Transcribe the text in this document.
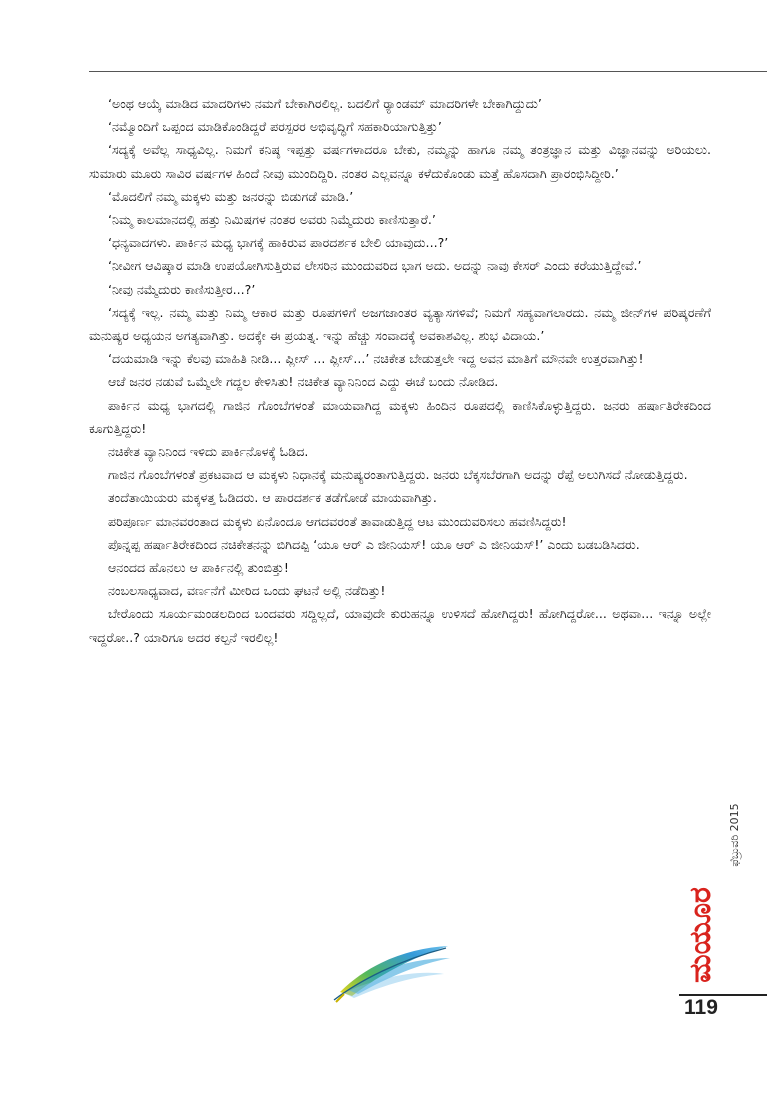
‘ಅಂಥ ಆಯ್ಕೆ ಮಾಡಿದ ಮಾದರಿಗಳು ನಮಗೆ ಬೇಕಾಗಿರಲಿಲ್ಲ. ಬದಲಿಗೆ ರ್‍ಯಾಂಡಮ್ ಮಾದರಿಗಳೇ ಬೇಕಾಗಿದ್ದುದು’

‘ನಮ್ಮೊಂದಿಗೆ ಒಪ್ಪಂದ ಮಾಡಿಕೊಂಡಿದ್ದರೆ ಪರಸ್ಪರರ ಅಭಿವೃದ್ಧಿಗೆ ಸಹಕಾರಿಯಾಗುತ್ತಿತ್ತು’

‘ಸದ್ಯಕ್ಕೆ ಅವೆಲ್ಲ ಸಾಧ್ಯವಿಲ್ಲ. ನಿಮಗೆ ಕನಿಷ್ಠ ಇಪ್ಪತ್ತು ವರ್ಷಗಳಾದರೂ ಬೇಕು, ನಮ್ಮನ್ನು ಹಾಗೂ ನಮ್ಮ ತಂತ್ರಜ್ಞಾನ ಮತ್ತು ವಿಜ್ಞಾನವನ್ನು ಅರಿಯಲು. ಸುಮಾರು ಮೂರು ಸಾವಿರ ವರ್ಷಗಳ ಹಿಂದೆ ನೀವು ಮುಂದಿದ್ದಿರಿ. ನಂತರ ಎಲ್ಲವನ್ನೂ ಕಳೆದುಕೊಂಡು ಮತ್ತೆ ಹೊಸದಾಗಿ ಪ್ರಾರಂಭಿಸಿದ್ದೀರಿ.’

‘ಮೊದಲಿಗೆ ನಮ್ಮ ಮಕ್ಕಳು ಮತ್ತು ಜನರನ್ನು ಬಿಡುಗಡೆ ಮಾಡಿ.’

‘ನಿಮ್ಮ ಕಾಲಮಾನದಲ್ಲಿ ಹತ್ತು ನಿಮಿಷಗಳ ನಂತರ ಅವರು ನಿಮ್ಮೆದುರು ಕಾಣಿಸುತ್ತಾರೆ.’

‘ಧನ್ಯವಾದಗಳು. ಪಾರ್ಕಿನ ಮಧ್ಯ ಭಾಗಕ್ಕೆ ಹಾಕಿರುವ ಪಾರದರ್ಶಕ ಬೇಲಿ ಯಾವುದು...?’

‘ನೀವೀಗ ಆವಿಷ್ಕಾರ ಮಾಡಿ ಉಪಯೋಗಿಸುತ್ತಿರುವ ಲೇಸರಿನ ಮುಂದುವರಿದ ಭಾಗ ಅದು. ಅದನ್ನು ನಾವು ಕೇಸರ್ ಎಂದು ಕರೆಯುತ್ತಿದ್ದೇವೆ.’

‘ನೀವು ನಮ್ಮೆದುರು ಕಾಣಿಸುತ್ತೀರ...?’

‘ಸದ್ಯಕ್ಕೆ ಇಲ್ಲ. ನಮ್ಮ ಮತ್ತು ನಿಮ್ಮ ಆಕಾರ ಮತ್ತು ರೂಪಗಳಿಗೆ ಅಜಗಜಾಂತರ ವ್ಯತ್ಯಾಸಗಳಿವೆ; ನಿಮಗೆ ಸಹ್ಯವಾಗಲಾರದು. ನಮ್ಮ ಜೀನ್‌ಗಳ ಪರಿಷ್ಕರಣೆಗೆ ಮನುಷ್ಯರ ಅಧ್ಯಯನ ಅಗತ್ಯವಾಗಿತ್ತು. ಅದಕ್ಕೇ ಈ ಪ್ರಯತ್ನ. ಇನ್ನು ಹೆಚ್ಚು ಸಂವಾದಕ್ಕೆ ಅವಕಾಶವಿಲ್ಲ. ಶುಭ ವಿದಾಯ.’

‘ದಯಮಾಡಿ ಇನ್ನು ಕೆಲವು ಮಾಹಿತಿ ನೀಡಿ... ಪ್ಲೀಸ್ ... ಪ್ಲೀಸ್...’ ನಚಿಕೇತ ಬೇಡುತ್ತಲೇ ಇದ್ದ ಅವನ ಮಾತಿಗೆ ಮೌನವೇ ಉತ್ತರವಾಗಿತ್ತು!

ಆಚೆ ಜನರ ನಡುವೆ ಒಮ್ಮೆಲೇ ಗದ್ದಲ ಕೇಳಿಸಿತು! ನಚಿಕೇತ ವ್ಯಾನಿನಿಂದ ಎದ್ದು ಈಚೆ ಬಂದು ನೋಡಿದ.

ಪಾರ್ಕಿನ ಮಧ್ಯ ಭಾಗದಲ್ಲಿ ಗಾಜಿನ ಗೊಂಬೆಗಳಂತೆ ಮಾಯವಾಗಿದ್ದ ಮಕ್ಕಳು ಹಿಂದಿನ ರೂಪದಲ್ಲಿ ಕಾಣಿಸಿಕೊಳ್ಳುತ್ತಿದ್ದರು. ಜನರು ಹರ್ಷಾತಿರೇಕದಿಂದ ಕೂಗುತ್ತಿದ್ದರು!

ನಚಿಕೇತ ವ್ಯಾನಿನಿಂದ ಇಳಿದು ಪಾರ್ಕಿನೊಳಕ್ಕೆ ಓಡಿದ.

ಗಾಜಿನ ಗೊಂಬೆಗಳಂತೆ ಪ್ರಕಟವಾದ ಆ ಮಕ್ಕಳು ನಿಧಾನಕ್ಕೆ ಮನುಷ್ಯರಂತಾಗುತ್ತಿದ್ದರು. ಜನರು ಬೆಕ್ಕಸಬೆರಗಾಗಿ ಅದನ್ನು ರೆಪ್ಪೆ ಅಲುಗಿಸದೆ ನೋಡುತ್ತಿದ್ದರು.

ತಂದೆತಾಯಿಯರು ಮಕ್ಕಳತ್ತ ಓಡಿದರು. ಆ ಪಾರದರ್ಶಕ ತಡೆಗೋಡೆ ಮಾಯವಾಗಿತ್ತು.

ಪರಿಪೂರ್ಣ ಮಾನವರಂತಾದ ಮಕ್ಕಳು ಏನೊಂದೂ ಆಗದವರಂತೆ ತಾವಾಡುತ್ತಿದ್ದ ಆಟ ಮುಂದುವರಿಸಲು ಹವಣಿಸಿದ್ದರು!

ಪೊನ್ನಪ್ಪ ಹರ್ಷಾತಿರೇಕದಿಂದ ನಚಿಕೇತನನ್ನು ಬಿಗಿದಪ್ಪಿ ‘ಯೂ ಆರ್ ಎ ಜೀನಿಯಸ್! ಯೂ ಆರ್ ಎ ಜೀನಿಯಸ್!’ ಎಂದು ಬಡಬಡಿಸಿದರು.

ಆನಂದದ ಹೊನಲು ಆ ಪಾರ್ಕಿನಲ್ಲಿ ತುಂಬಿತ್ತು!

ನಂಬಲಸಾಧ್ಯವಾದ, ವರ್ಣನೆಗೆ ಮೀರಿದ ಒಂದು ಘಟನೆ ಅಲ್ಲಿ ನಡೆದಿತ್ತು!

ಬೇರೊಂದು ಸೂರ್ಯಮಂಡಲದಿಂದ ಬಂದವರು ಸದ್ದಿಲ್ಲದೆ, ಯಾವುದೇ ಕುರುಹನ್ನೂ ಉಳಿಸದೆ ಹೋಗಿದ್ದರು! ಹೋಗಿದ್ದರೋ... ಅಥವಾ... ಇನ್ನೂ ಅಲ್ಲೇ ಇದ್ದರೋ..? ಯಾರಿಗೂ ಅದರ ಕಲ್ಪನೆ ಇರಲಿಲ್ಲ!

ಫೆಬ್ರುವರಿ 2015
ಮಯೂರ
119
